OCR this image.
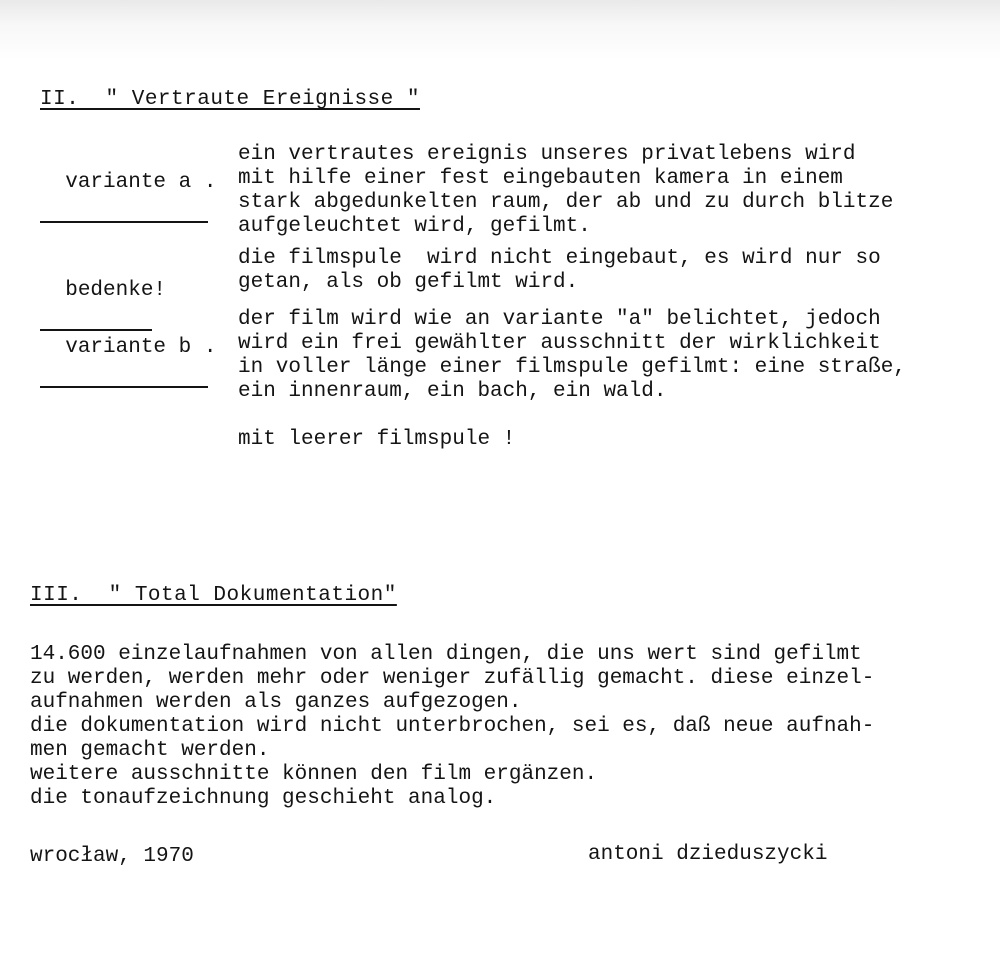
II.  " Vertraute Ereignisse "

variante a .

ein vertrautes ereignis unseres privatlebens wird
mit hilfe einer fest eingebauten kamera in einem
stark abgedunkelten raum, der ab und zu durch blitze
aufgeleuchtet wird, gefilmt.

bedenke!

die filmspule  wird nicht eingebaut, es wird nur so
getan, als ob gefilmt wird.

variante b .

der film wird wie an variante "a" belichtet, jedoch
wird ein frei gewählter ausschnitt der wirklichkeit
in voller länge einer filmspule gefilmt: eine straße,
ein innenraum, ein bach, ein wald.
mit leerer filmspule !
III.  " Total Dokumentation"
14.600 einzelaufnahmen von allen dingen, die uns wert sind gefilmt
zu werden, werden mehr oder weniger zufällig gemacht. diese einzel-
aufnahmen werden als ganzes aufgezogen.
die dokumentation wird nicht unterbrochen, sei es, daß neue aufnah-
men gemacht werden.
weitere ausschnitte können den film ergänzen.
die tonaufzeichnung geschieht analog.
wrocław, 1970	antoni dzieduszycki
